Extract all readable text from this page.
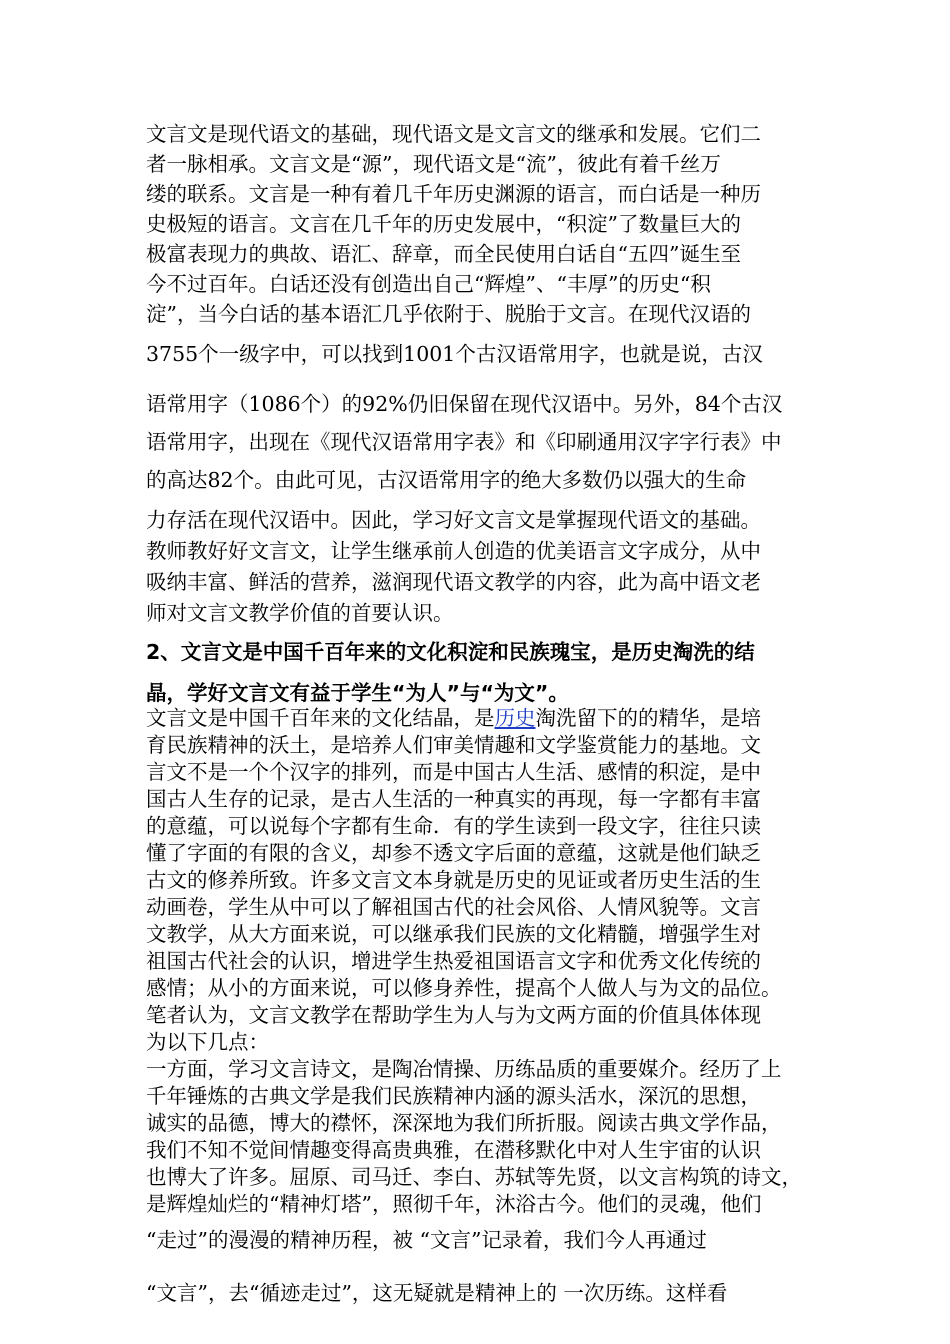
文言文是现代语文的基础，现代语文是文言文的继承和发展。它们二
者一脉相承。文言文是“源”，现代语文是“流”，彼此有着千丝万
缕的联系。文言是一种有着几千年历史渊源的语言，而白话是一种历
史极短的语言。文言在几千年的历史发展中，“积淀”了数量巨大的
极富表现力的典故、语汇、辞章，而全民使用白话自“五四”诞生至
今不过百年。白话还没有创造出自己“辉煌”、“丰厚”的历史“积
淀”，当今白话的基本语汇几乎依附于、脱胎于文言。在现代汉语的
3755个一级字中，可以找到1001个古汉语常用字，也就是说，古汉
语常用字（1086个）的92%仍旧保留在现代汉语中。另外，84个古汉
语常用字，出现在《现代汉语常用字表》和《印刷通用汉字字行表》中
的高达82个。由此可见，古汉语常用字的绝大多数仍以强大的生命
力存活在现代汉语中。因此，学习好文言文是掌握现代语文的基础。
教师教好好文言文，让学生继承前人创造的优美语言文字成分，从中
吸纳丰富、鲜活的营养，滋润现代语文教学的内容，此为高中语文老
师对文言文教学价值的首要认识。
2、文言文是中国千百年来的文化积淀和民族瑰宝，是历史淘洗的结
晶，学好文言文有益于学生“为人”与“为文”。
文言文是中国千百年来的文化结晶，是历史淘洗留下的的精华，是培
育民族精神的沃土，是培养人们审美情趣和文学鉴赏能力的基地。文
言文不是一个个汉字的排列，而是中国古人生活、感情的积淀，是中
国古人生存的记录，是古人生活的一种真实的再现，每一字都有丰富
的意蕴，可以说每个字都有生命．有的学生读到一段文字，往往只读
懂了字面的有限的含义，却参不透文字后面的意蕴，这就是他们缺乏
古文的修养所致。许多文言文本身就是历史的见证或者历史生活的生
动画卷，学生从中可以了解祖国古代的社会风俗、人情风貌等。文言
文教学，从大方面来说，可以继承我们民族的文化精髓，增强学生对
祖国古代社会的认识，增进学生热爱祖国语言文字和优秀文化传统的
感情；从小的方面来说，可以修身养性，提高个人做人与为文的品位。
笔者认为，文言文教学在帮助学生为人与为文两方面的价值具体体现
为以下几点：
一方面，学习文言诗文，是陶冶情操、历练品质的重要媒介。经历了上
千年锤炼的古典文学是我们民族精神内涵的源头活水，深沉的思想，
诚实的品德，博大的襟怀，深深地为我们所折服。阅读古典文学作品，
我们不知不觉间情趣变得高贵典雅，在潜移默化中对人生宇宙的认识
也博大了许多。屈原、司马迁、李白、苏轼等先贤，以文言构筑的诗文，
是辉煌灿烂的“精神灯塔”，照彻千年，沐浴古今。他们的灵魂，他们
“走过”的漫漫的精神历程，被 “文言”记录着，我们今人再通过
“文言”，去“循迹走过”，这无疑就是精神上的 一次历练。这样看
